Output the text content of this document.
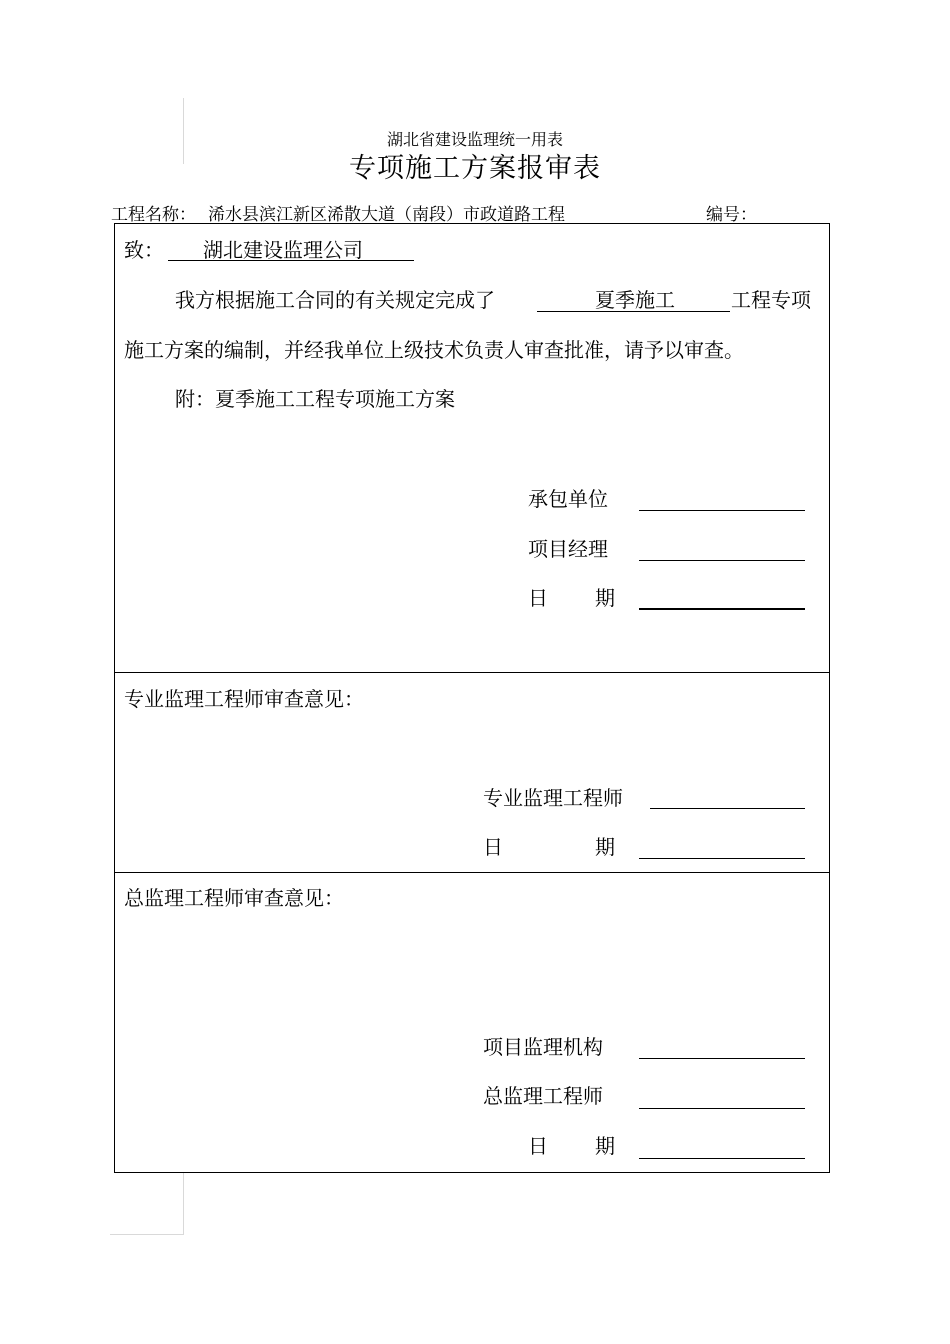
湖北省建设监理统一用表
专项施工方案报审表
工程名称： 浠水县滨江新区浠散大道（南段）市政道路工程	编号：
致： 湖北建设监理公司
我方根据施工合同的有关规定完成了	夏季施工	工程专项
施工方案的编制，并经我单位上级技术负责人审查批准，请予以审查。
附：夏季施工工程专项施工方案
承包单位
项目经理
日 期
专业监理工程师审查意见：
专业监理工程师
日	期
总监理工程师审查意见：
项目监理机构
总监理工程师
日 期
